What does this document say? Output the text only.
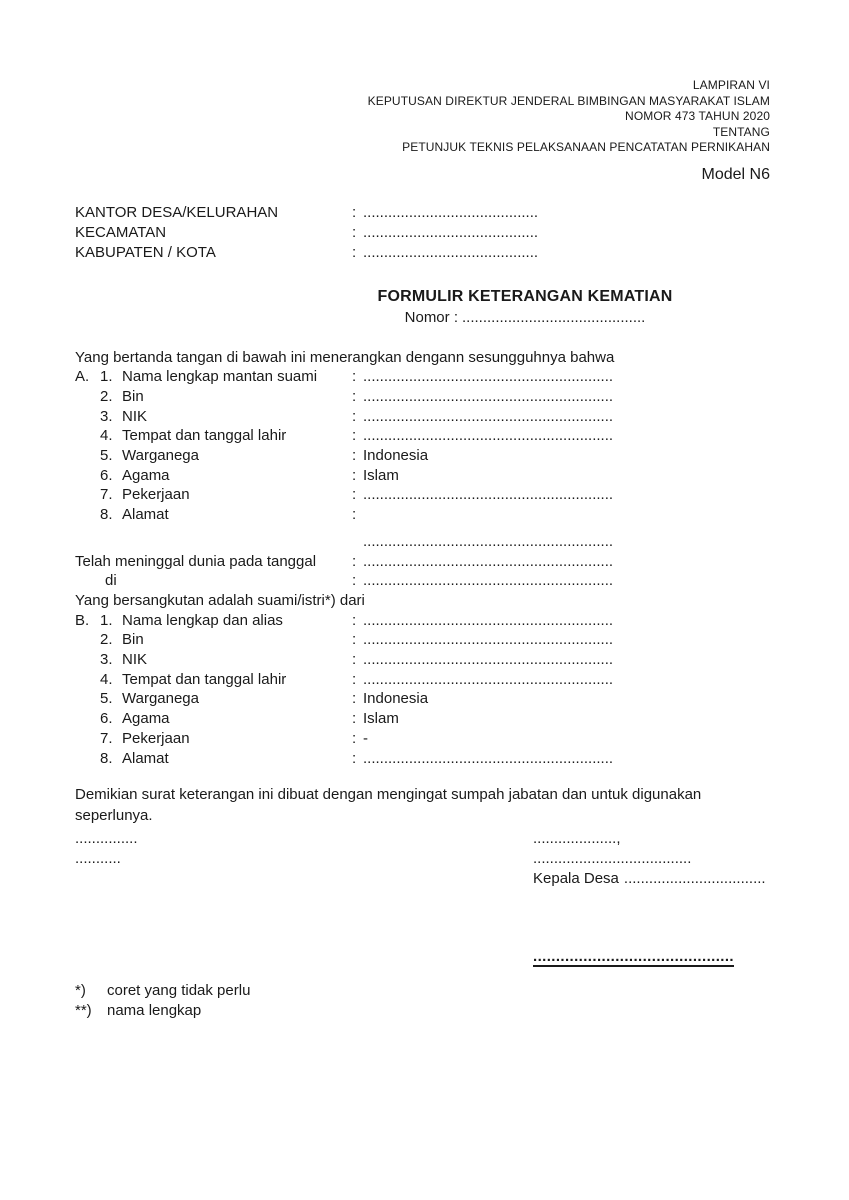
LAMPIRAN VI
KEPUTUSAN DIREKTUR JENDERAL BIMBINGAN MASYARAKAT ISLAM
NOMOR 473 TAHUN 2020
TENTANG
PETUNJUK TEKNIS PELAKSANAAN PENCATATAN PERNIKAHAN
Model N6
KANTOR DESA/KELURAHAN	: ..........................................
KECAMATAN	: ..........................................
KABUPATEN / KOTA	: ..........................................
FORMULIR KETERANGAN KEMATIAN
Nomor : ............................................
Yang bertanda tangan di bawah ini menerangkan dengann sesungguhnya bahwa
A. 1. Nama lengkap mantan suami	: ............................................................
2. Bin	: ............................................................
3. NIK	: ............................................................
4. Tempat dan tanggal lahir	: ............................................................
5. Warganega	: Indonesia
6. Agama	: Islam
7. Pekerjaan	: ............................................................
8. Alamat	:
............................................................
Telah meninggal dunia pada tanggal	: ............................................................
di	: ............................................................
Yang bersangkutan adalah suami/istri*) dari
B. 1. Nama lengkap dan alias	: ............................................................
2. Bin	: ............................................................
3. NIK	: ............................................................
4. Tempat dan tanggal lahir	: ............................................................
5. Warganega	: Indonesia
6. Agama	: Islam
7. Pekerjaan	: -
8. Alamat	: ............................................................
Demikian surat keterangan ini dibuat dengan mengingat sumpah jabatan dan untuk digunakan seperlunya.
...............
...........
...................., ......................................
Kepala Desa ..................................
............................................
*)	coret yang tidak perlu
**)	nama lengkap
